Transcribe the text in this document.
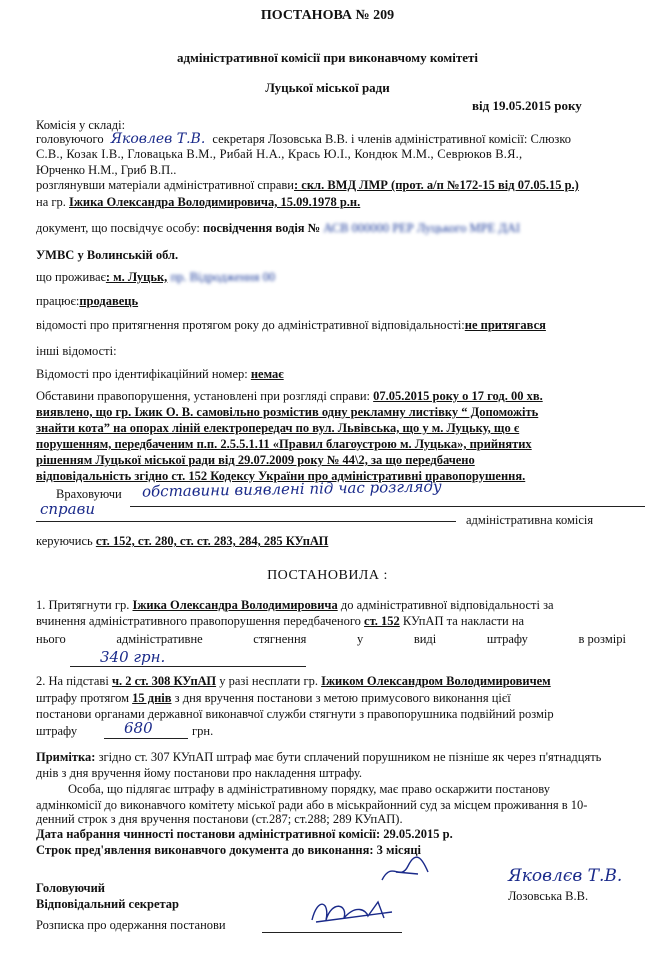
ПОСТАНОВА № 209
адміністративної комісії при виконавчому комітеті
Луцької міської ради
від 19.05.2015 року
Комісія у складі:
головуючого Яковлев Т.В. секретаря Лозовська В.В. і членів адміністративної комісії: Слюзко
С.В., Козак І.В., Гловацька В.М., Рибай Н.А., Крась Ю.І., Кондюк М.М., Севрюков В.Я.,
Юрченко Н.М., Гриб В.П..
розглянувши матеріали адміністративної справи: скл. ВМД ЛМР (прот. а/п №172-15 від 07.05.15 р.)
на гр. Іжика Олександра Володимировича, 15.09.1978 р.н.
документ, що посвідчує особу: посвідчення водія № АСВ 000000 РЕР Луцького МРЕ ДАІ
УМВС у Волинській обл.
що проживає: м. Луцьк, пр. Відродження 00
працює:продавець
відомості про притягнення протягом року до адміністративної відповідальності:не притягався
інші відомості:
Відомості про ідентифікаційний номер: немає
Обставини правопорушення, установлені при розгляді справи: 07.05.2015 року о 17 год. 00 хв.
виявлено, що гр. Іжик О. В. самовільно розмістив одну рекламну листівку “ Допоможіть
знайти кота” на опорах ліній електропередач по вул. Львівська, що у м. Луцьку, що є
порушенням, передбаченим п.п. 2.5.5.1.11 «Правил благоустрою м. Луцька», прийнятих
рішенням Луцької міської ради від 29.07.2009 року № 44\2, за що передбачено
відповідальність згідно ст. 152 Кодексу України про адміністративні правопорушення.
Враховуючи обставини виявлені під час розгляду
справи
адміністративна комісія
керуючись ст. 152, ст. 280, ст. ст. 283, 284, 285 КУпАП
ПОСТАНОВИЛА :
1. Притягнути гр. Іжика Олександра Володимировича до адміністративної відповідальності за
вчинення адміністративного правопорушення передбаченого ст. 152 КУпАП та накласти на
нього	адміністративне	стягнення	у	виді	штрафу	в розмірі
340 грн.
2. На підставі ч. 2 ст. 308 КУпАП у разі несплати гр. Іжиком Олександром Володимировичем
штрафу протягом 15 днів з дня вручення постанови з метою примусового виконання цієї
постанови органами державної виконавчої служби стягнути з правопорушника подвійний розмір
штрафу	680	грн.
Примітка: згідно ст. 307 КУпАП штраф має бути сплачений порушником не пізніше як через п'ятнадцять
днів з дня вручення йому постанови про накладення штрафу.
Особа, що підлягає штрафу в адміністративному порядку, має право оскаржити постанову
адмінкомісії до виконавчого комітету міської ради або в міськрайонний суд за місцем проживання в 10-
денний строк з дня вручення постанови (ст.287; ст.288; 289 КУпАП).
Дата набрання чинності постанови адміністративної комісії: 29.05.2015 р.
Строк пред'явлення виконавчого документа до виконання: 3 місяці
Головуючий
Відповідальний секретар
Яковлєв Т.В.
Лозовська В.В.
Розписка про одержання постанови
